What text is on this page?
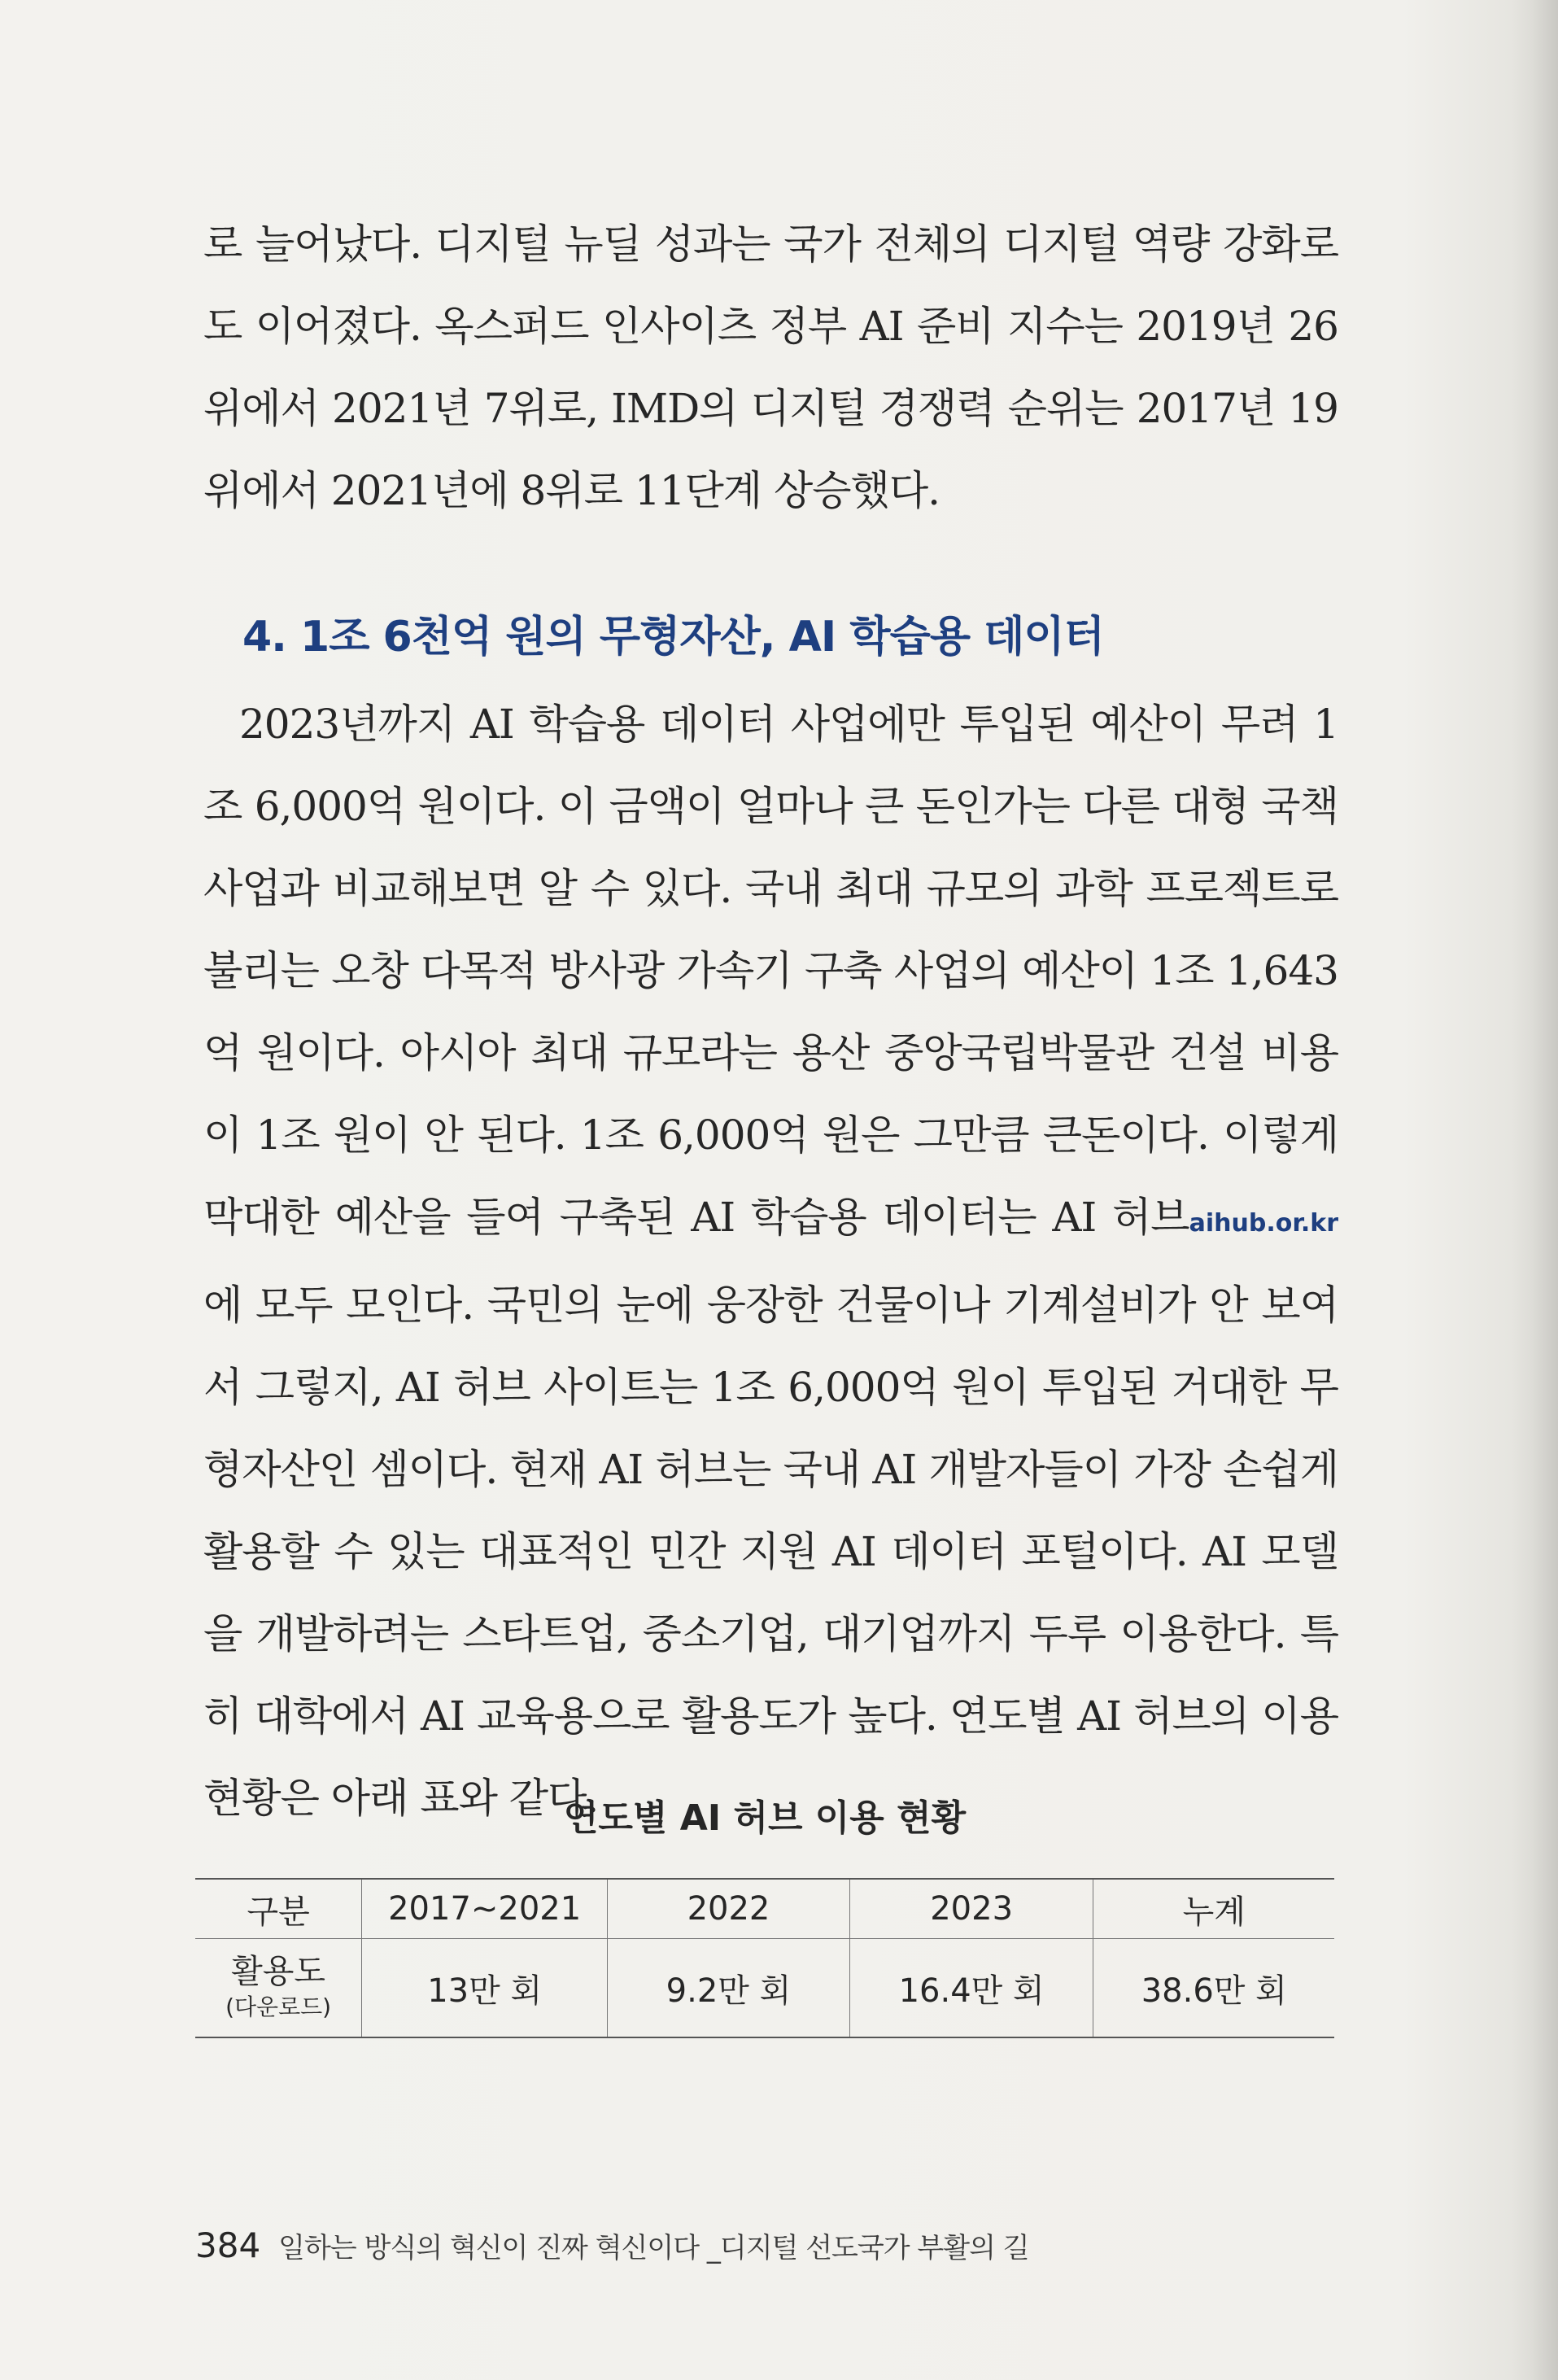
로 늘어났다. 디지털 뉴딜 성과는 국가 전체의 디지털 역량 강화로도 이어졌다. 옥스퍼드 인사이츠 정부 AI 준비 지수는 2019년 26위에서 2021년 7위로, IMD의 디지털 경쟁력 순위는 2017년 19위에서 2021년에 8위로 11단계 상승했다.

4. 1조 6천억 원의 무형자산, AI 학습용 데이터

2023년까지 AI 학습용 데이터 사업에만 투입된 예산이 무려 1조 6,000억 원이다. 이 금액이 얼마나 큰 돈인가는 다른 대형 국책사업과 비교해보면 알 수 있다. 국내 최대 규모의 과학 프로젝트로 불리는 오창 다목적 방사광 가속기 구축 사업의 예산이 1조 1,643억 원이다. 아시아 최대 규모라는 용산 중앙국립박물관 건설 비용이 1조 원이 안 된다. 1조 6,000억 원은 그만큼 큰돈이다. 이렇게 막대한 예산을 들여 구축된 AI 학습용 데이터는 AI 허브aihub.or.kr에 모두 모인다. 국민의 눈에 웅장한 건물이나 기계설비가 안 보여서 그렇지, AI 허브 사이트는 1조 6,000억 원이 투입된 거대한 무형자산인 셈이다. 현재 AI 허브는 국내 AI 개발자들이 가장 손쉽게 활용할 수 있는 대표적인 민간 지원 AI 데이터 포털이다. AI 모델을 개발하려는 스타트업, 중소기업, 대기업까지 두루 이용한다. 특히 대학에서 AI 교육용으로 활용도가 높다. 연도별 AI 허브의 이용 현황은 아래 표와 같다.

연도별 AI 허브 이용 현황
구분	2017~2021	2022	2023	누계

활용도
(다운로드)	13만 회	9.2만 회	16.4만 회	38.6만 회
384 일하는 방식의 혁신이 진짜 혁신이다 _디지털 선도국가 부활의 길
